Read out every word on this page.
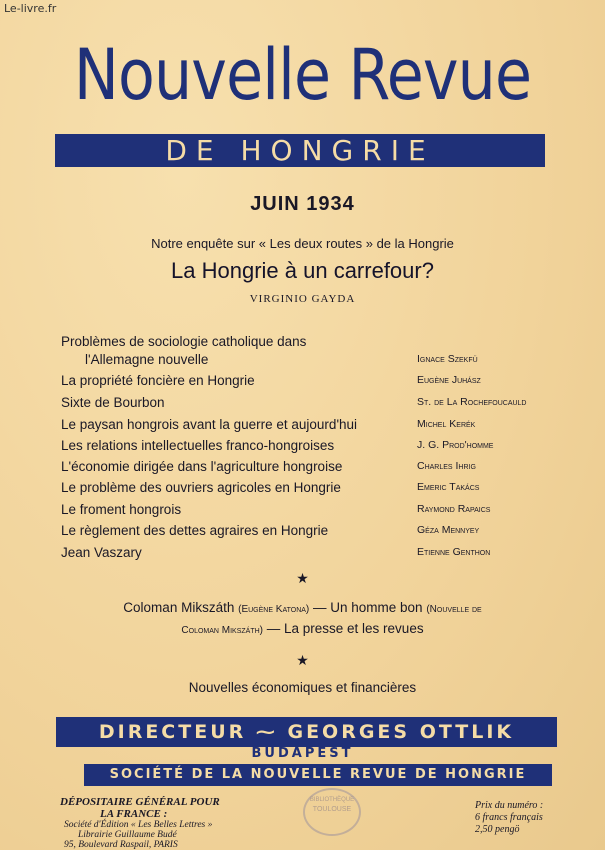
Le-livre.fr
Nouvelle Revue
DE HONGRIE
JUIN 1934
Notre enquête sur « Les deux routes » de la Hongrie
La Hongrie à un carrefour?
VIRGINIO GAYDA
Problèmes de sociologie catholique dans
l'Allemagne nouvelle	Ignace Szekfü
La propriété foncière en Hongrie	Eugène Juhász
Sixte de Bourbon	St. de La Rochefoucauld
Le paysan hongrois avant la guerre et aujourd'hui	Michel Kerék
Les relations intellectuelles franco-hongroises	J. G. Prod'homme
L'économie dirigée dans l'agriculture hongroise	Charles Ihrig
Le problème des ouvriers agricoles en Hongrie	Emeric Takács
Le froment hongrois	Raymond Rapaics
Le règlement des dettes agraires en Hongrie	Géza Mennyey
Jean Vaszary	Etienne Genthon
★
Coloman Mikszáth (Eugène Katona) — Un homme bon (Nouvelle de
Coloman Mikszáth) — La presse et les revues
★
Nouvelles économiques et financières
DIRECTEUR ⁓ GEORGES OTTLIK
BUDAPEST
SOCIÉTÉ DE LA NOUVELLE REVUE DE HONGRIE
DÉPOSITAIRE GÉNÉRAL POUR
LA FRANCE :
Société d'Édition « Les Belles Lettres »
Librairie Guillaume Budé
95, Boulevard Raspail, PARIS
BIBLIOTHÈQUE
TOULOUSE	Prix du numéro :
6 francs français
2,50 pengö
